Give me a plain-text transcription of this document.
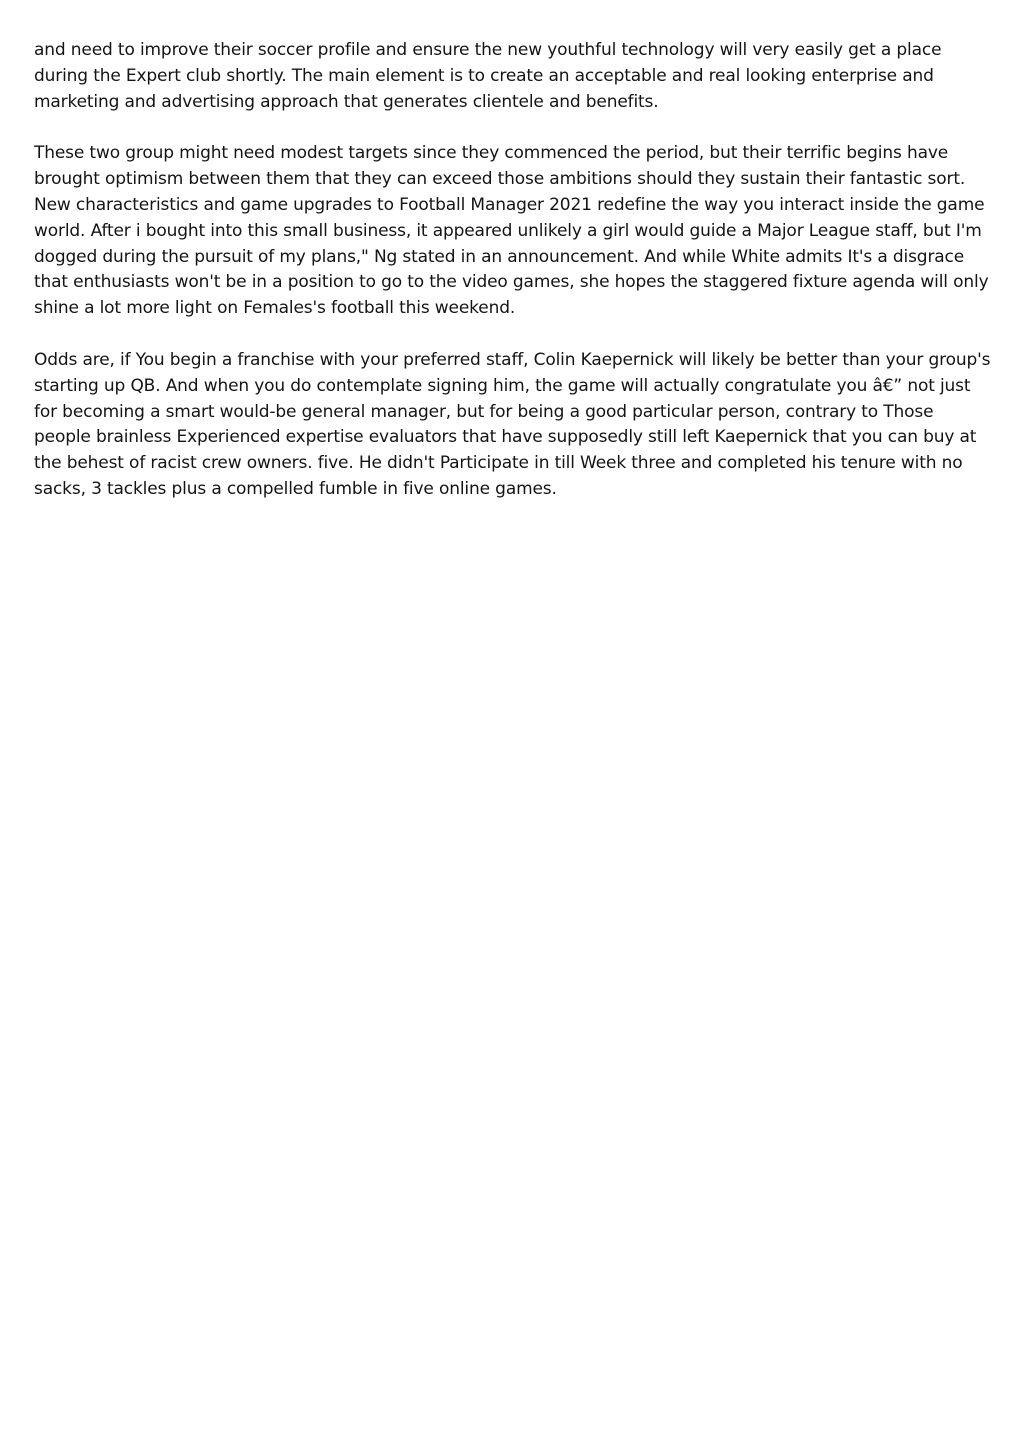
and need to improve their soccer profile and ensure the new youthful technology will very easily get a place during the Expert club shortly. The main element is to create an acceptable and real looking enterprise and marketing and advertising approach that generates clientele and benefits.

These two group might need modest targets since they commenced the period, but their terrific begins have brought optimism between them that they can exceed those ambitions should they sustain their fantastic sort. New characteristics and game upgrades to Football Manager 2021 redefine the way you interact inside the game world. After i bought into this small business, it appeared unlikely a girl would guide a Major League staff, but I'm dogged during the pursuit of my plans," Ng stated in an announcement. And while White admits It's a disgrace that enthusiasts won't be in a position to go to the video games, she hopes the staggered fixture agenda will only shine a lot more light on Females's football this weekend.

Odds are, if You begin a franchise with your preferred staff, Colin Kaepernick will likely be better than your group's starting up QB. And when you do contemplate signing him, the game will actually congratulate you â€” not just for becoming a smart would-be general manager, but for being a good particular person, contrary to Those people brainless Experienced expertise evaluators that have supposedly still left Kaepernick that you can buy at the behest of racist crew owners. five. He didn't Participate in till Week three and completed his tenure with no sacks, 3 tackles plus a compelled fumble in five online games.
